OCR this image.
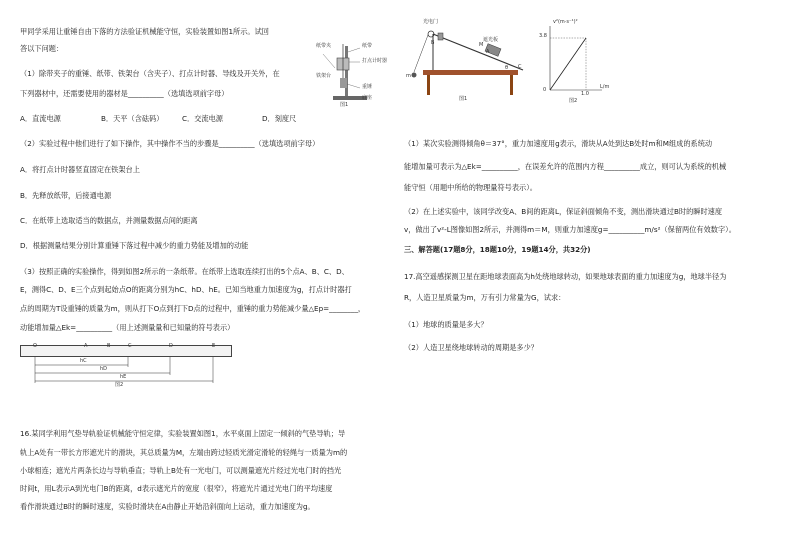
甲同学采用让重锤自由下落的方法验证机械能守恒，实验装置如图1所示。试回
答以下问题：
（1）除带夹子的重锤、纸带、铁架台（含夹子）、打点计时器、导线及开关外，在
下列器材中，还需要使用的器材是__________（选填选项前字母）
A．直流电源	B．天平（含砝码）	C．交流电源	D．刻度尺
（2）实验过程中他们进行了如下操作，其中操作不当的步骤是__________（选填选项前字母）
A．将打点计时器竖直固定在铁架台上
B．先释放纸带，后接通电源
C．在纸带上选取适当的数据点，并测量数据点间的距离
D．根据测量结果分别计算重锤下落过程中减少的重力势能及增加的动能
（3）按照正确的实验操作，得到如图2所示的一条纸带。在纸带上选取连续打出的5个点A、B、C、D、
E，测得C、D、E三个点到起始点O的距离分别为hC、hD、hE。已知当地重力加速度为g，打点计时器打
点的周期为T设重锤的质量为m，则从打下O点到打下D点的过程中，重锤的重力势能减少量△Ep=________，
动能增加量△Ek=__________（用上述测量量和已知量的符号表示）
纸带夹	纸带
打点计时器
重锤
铁架台
底座
图1
O	A	B	C	D	E
hC
hD
hE
图2
16.某同学利用气垫导轨验证机械能守恒定律，实验装置如图1，水平桌面上固定一倾斜的气垫导轨；导
轨上A处有一带长方形遮光片的滑块，其总质量为M，左端由跨过轻质光滑定滑轮的轻绳与一质量为m的
小球相连；遮光片两条长边与导轨垂直；导轨上B处有一光电门，可以测量遮光片经过光电门时的挡光
时间t，用L表示A到光电门B的距离，d表示遮光片的宽度（很窄），将遮光片通过光电门的平均速度
看作滑块通过B时的瞬时速度，实验时滑块在A由静止开始沿斜面向上运动，重力加速度为g。
光电门
遮光板
B
A
M
C
m
θ
图1
v²(m·s⁻¹)²
3.8
1.0
L/m
0
图2
（1）某次实验测得倾角θ＝37°，重力加速度用g表示，滑块从A处到达B处时m和M组成的系统动
能增加量可表示为△Ek=__________，在误差允许的范围内方程__________成立，则可认为系统的机械
能守恒（用题中所给的物理量符号表示）。
（2）在上述实验中，该同学改变A、B间的距离L，保证斜面倾角不变，测出滑块通过B时的瞬时速度
v，做出了v²-L图像如图2所示，并测得m＝M，则重力加速度g=__________m/s²（保留两位有效数字）。
三、解答题(17题8分，18题10分，19题14分，共32分)
17.高空遥感探测卫星在距地球表面高为h处绕地球转动，如果地球表面的重力加速度为g，地球半径为
R，人造卫星质量为m，万有引力常量为G，试求：
（1）地球的质量是多大？
（2）人造卫星绕地球转动的周期是多少？
